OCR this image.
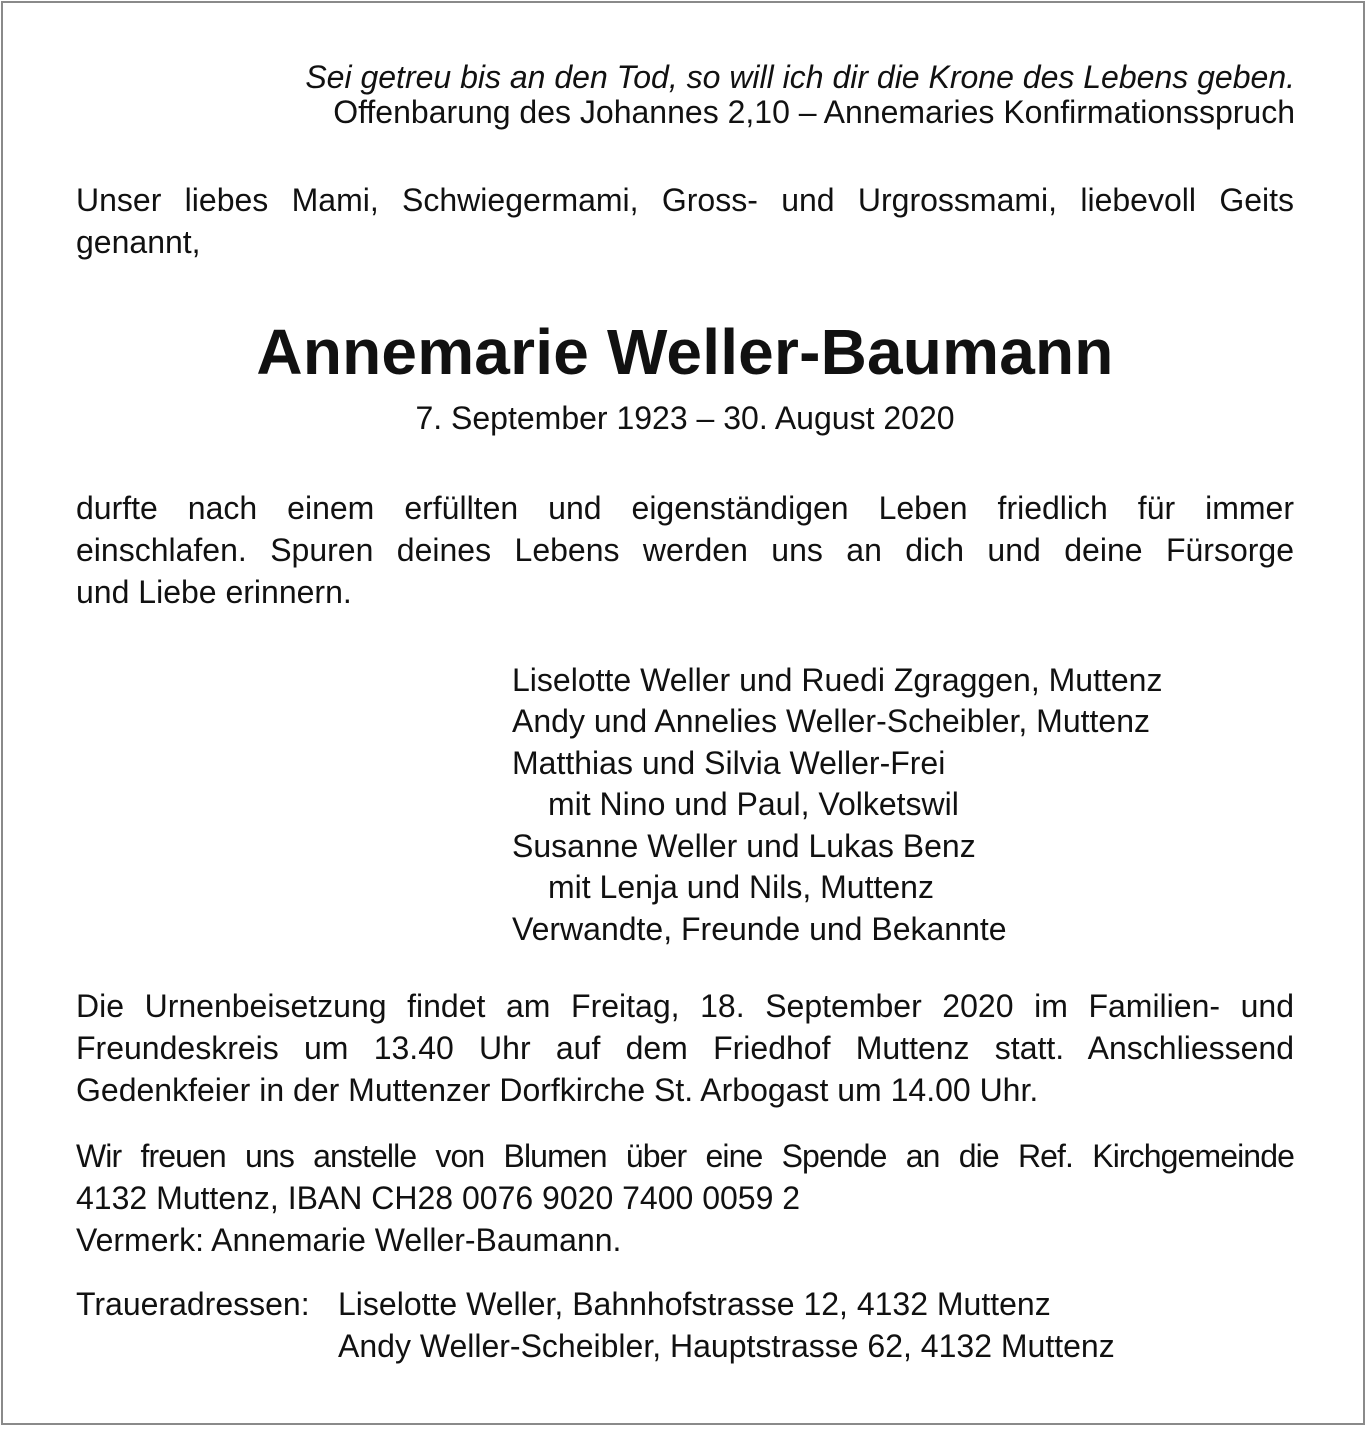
Sei getreu bis an den Tod, so will ich dir die Krone des Lebens geben.
Offenbarung des Johannes 2,10 – Annemaries Konfirmationsspruch
Unser liebes Mami, Schwiegermami, Gross- und Urgrossmami, liebevoll Geits
genannt,
Annemarie Weller-Baumann
7. September 1923 – 30. August 2020
durfte nach einem erfüllten und eigenständigen Leben friedlich für immer
einschlafen. Spuren deines Lebens werden uns an dich und deine Fürsorge
und Liebe erinnern.
Liselotte Weller und Ruedi Zgraggen, Muttenz
Andy und Annelies Weller-Scheibler, Muttenz
Matthias und Silvia Weller-Frei
mit Nino und Paul, Volketswil
Susanne Weller und Lukas Benz
mit Lenja und Nils, Muttenz
Verwandte, Freunde und Bekannte
Die Urnenbeisetzung findet am Freitag, 18. September 2020 im Familien- und
Freundeskreis um 13.40 Uhr auf dem Friedhof Muttenz statt. Anschliessend
Gedenkfeier in der Muttenzer Dorfkirche St. Arbogast um 14.00 Uhr.
Wir freuen uns anstelle von Blumen über eine Spende an die Ref. Kirchgemeinde
4132 Muttenz, IBAN CH28 0076 9020 7400 0059 2
Vermerk: Annemarie Weller-Baumann.
Traueradressen: Liselotte Weller, Bahnhofstrasse 12, 4132 Muttenz
Andy Weller-Scheibler, Hauptstrasse 62, 4132 Muttenz
